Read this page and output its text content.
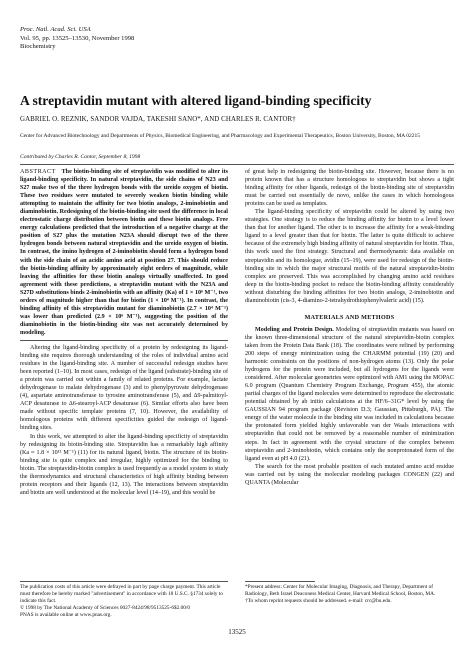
Proc. Natl. Acad. Sci. USA
Vol. 95, pp. 13525–13530, November 1998
Biochemistry
A streptavidin mutant with altered ligand-binding specificity
GABRIEL O. REZNIK, SANDOR VAJDA, TAKESHI SANO*, AND CHARLES R. CANTOR†
Center for Advanced Biotechnology and Departments of Physics, Biomedical Engineering, and Pharmacology and Experimental Therapeutics, Boston University, Boston, MA 02215
Contributed by Charles R. Cantor, September 8, 1998
ABSTRACT The biotin-binding site of streptavidin was modified to alter its ligand-binding specificity. In natural streptavidin, the side chains of N23 and S27 make two of the three hydrogen bonds with the ureido oxygen of biotin. These two residues were mutated to severely weaken biotin binding while attempting to maintain the affinity for two biotin analogs, 2-iminobiotin and diaminobiotin. Redesigning of the biotin-binding site used the difference in local electrostatic charge distribution between biotin and these biotin analogs. Free energy calculations predicted that the introduction of a negative charge at the position of S27 plus the mutation N23A should disrupt two of the three hydrogen bonds between natural streptavidin and the ureido oxygen of biotin. In contrast, the imino hydrogen of 2-iminobiotin should form a hydrogen bond with the side chain of an acidic amino acid at position 27. This should reduce the biotin-binding affinity by approximately eight orders of magnitude, while leaving the affinities for these biotin analogs virtually unaffected. In good agreement with these predictions, a streptavidin mutant with the N23A and S27D substitutions binds 2-iminobiotin with an affinity (Ka) of 1 × 10⁶ M⁻¹, two orders of magnitude higher than that for biotin (1 × 10⁴ M⁻¹). In contrast, the binding affinity of this streptavidin mutant for diaminobiotin (2.7 × 10⁴ M⁻¹) was lower than predicted (2.9 × 10⁶ M⁻¹), suggesting the position of the diaminobiotin in the biotin-binding site was not accurately determined by modeling.

Altering the ligand-binding specificity of a protein by redesigning its ligand-binding site requires thorough understanding of the roles of individual amino acid residues in the ligand-binding site. A number of successful redesign studies have been reported (1–10). In most cases, redesign of the ligand (substrate)-binding site of a protein was carried out within a family of related proteins. For example, lactate dehydrogenase to malate dehydrogenase (3) and to phenylpyruvate dehydrogenase (4), aspartate aminotransferase to tyrosine aminotransferase (5), and Δ9-palmitoyl-ACP desaturase to Δ6-stearoyl-ACP desaturase (6). Similar efforts also have been made without specific template proteins (7, 10). However, the availability of homologous proteins with different specificities guided the redesign of ligand-binding sites.

In this work, we attempted to alter the ligand-binding specificity of streptavidin by redesigning its biotin-binding site. Streptavidin has a remarkably high affinity (Ka ≈ 1.8 × 10¹³ M⁻¹) (11) for its natural ligand, biotin. The structure of its biotin-binding site is quite complex and irregular, highly optimized for the binding to biotin. The streptavidin-biotin complex is used frequently as a model system to study the thermodynamics and structural characteristics of high affinity binding between protein receptors and their ligands (12, 13). The interactions between streptavidin and biotin are well understood at the molecular level (14–19), and this would be

of great help in redesigning the biotin-binding site. However, because there is no protein known that has a structure homologous to streptavidin but shows a tight binding affinity for other ligands, redesign of the biotin-binding site of streptavidin must be carried out essentially de novo, unlike the cases in which homologous proteins can be used as templates.

The ligand-binding specificity of streptavidin could be altered by using two strategies. One strategy is to reduce the binding affinity for biotin to a level lower than that for another ligand. The other is to increase the affinity for a weak-binding ligand to a level greater than that for biotin. The latter is quite difficult to achieve because of the extremely high binding affinity of natural streptavidin for biotin. Thus, this work used the first strategy. Structural and thermodynamic data available on streptavidin and its homologue, avidin (15–19), were used for redesign of the biotin-binding site in which the major structural motifs of the natural streptavidin-biotin complex are preserved. This was accomplished by changing amino acid residues deep in the biotin-binding pocket to reduce the biotin-binding affinity considerably without disturbing the binding affinities for two biotin analogs, 2-iminobiotin and diaminobiotin (cis-3, 4-diamino-2-tetrahydrothiophenylvaleric acid) (15).

MATERIALS AND METHODS

Modeling and Protein Design. Modeling of streptavidin mutants was based on the known three-dimensional structure of the natural streptavidin-biotin complex taken from the Protein Data Bank (18). The coordinates were refined by performing 200 steps of energy minimization using the CHARMM potential (19) (20) and harmonic constraints on the positions of non-hydrogen atoms (13). Only the polar hydrogens for the protein were included, but all hydrogens for the ligands were considered. After molecular geometries were optimized with AM1 using the MOPAC 6.0 program (Quantum Chemistry Program Exchange, Program 455), the atomic partial charges of the ligand molecules were determined to reproduce the electrostatic potential obtained by ab initio calculations at the HF/6–31G* level by using the GAUSSIAN 94 program package (Revision D.3; Gaussian, Pittsburgh, PA). The energy of the water molecule in the binding site was included in calculations because the protonated form yielded highly unfavorable van der Waals interactions with streptavidin that could not be removed by a reasonable number of minimization steps. In fact in agreement with the crystal structure of the complex between streptavidin and 2-iminobiotin, which contains only the nonprotonated form of the ligand even at pH 4.0 (21).

The search for the most probable position of each mutated amino acid residue was carried out by using the molecular modeling packages CONGEN (22) and QUANTA (Molecular

The publication costs of this article were defrayed in part by page charge payment. This article must therefore be hereby marked "advertisement" in accordance with 18 U.S.C. §1734 solely to indicate this fact.

© 1998 by The National Academy of Sciences 0027-8424/98/9513525-6$2.00/0

PNAS is available online at www.pnas.org.

*Present address: Center for Molecular Imaging, Diagnosis, and Therapy, Department of Radiology, Beth Israel Deaconess Medical Center, Harvard Medical School, Boston, MA.

†To whom reprint requests should be addressed. e-mail: crc@bu.edu.

13525
